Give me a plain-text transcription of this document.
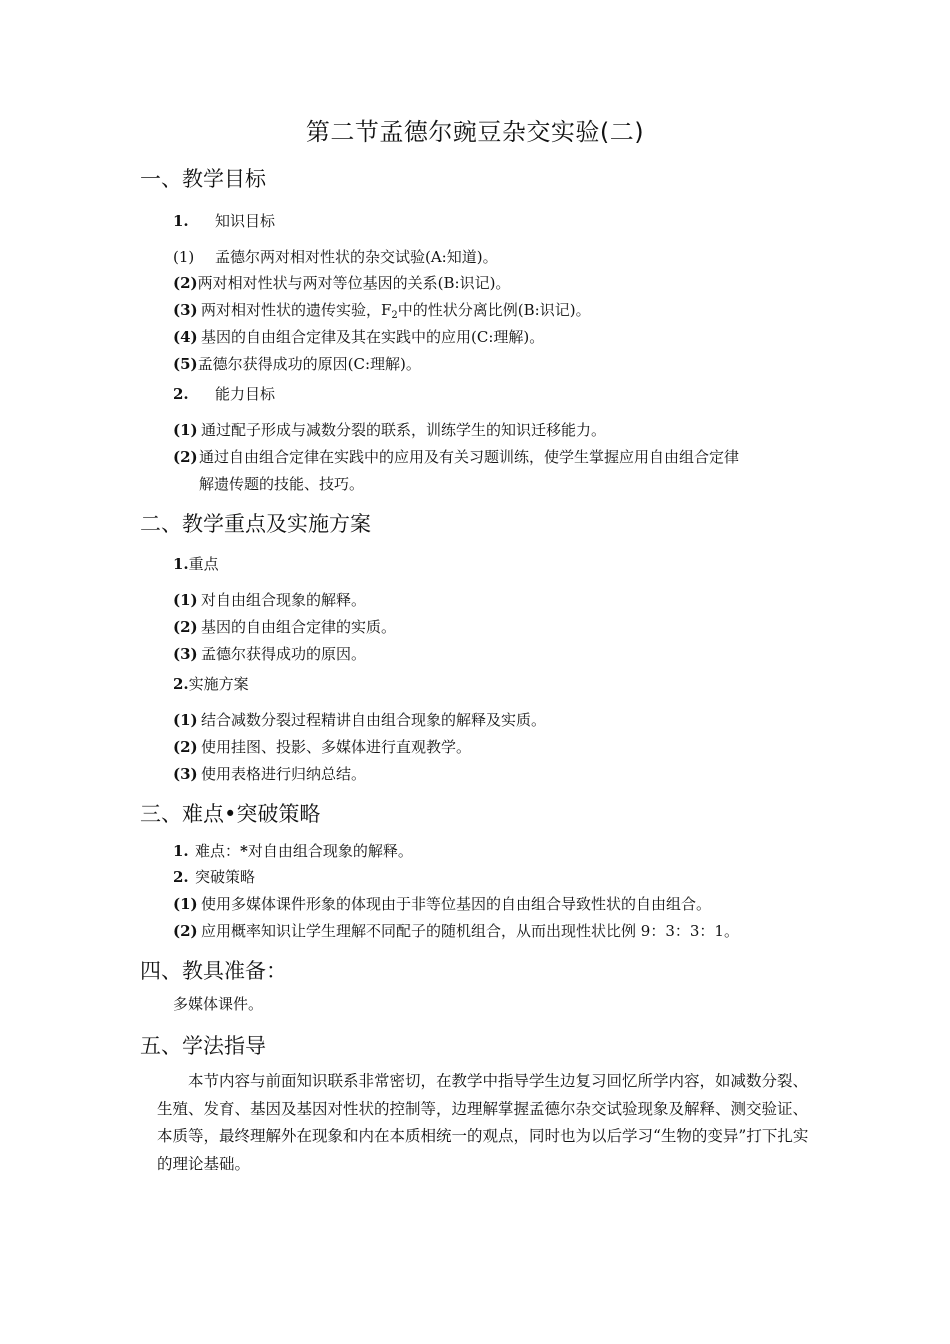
第二节孟德尔豌豆杂交实验(二)
一、教学目标
1. 知识目标
(1) 孟德尔两对相对性状的杂交试验(A:知道)。
(2)两对相对性状与两对等位基因的关系(B:识记)。
(3) 两对相对性状的遗传实验，$F_2$中的性状分离比例(B:识记)。
(4) 基因的自由组合定律及其在实践中的应用(C:理解)。
(5)孟德尔获得成功的原因(C:理解)。
2. 能力目标
(1) 通过配子形成与减数分裂的联系，训练学生的知识迁移能力。
(2)通过自由组合定律在实践中的应用及有关习题训练，使学生掌握应用自由组合定律
解遗传题的技能、技巧。
二、教学重点及实施方案
1.重点
(1) 对自由组合现象的解释。
(2) 基因的自由组合定律的实质。
(3) 孟德尔获得成功的原因。
2.实施方案
(1) 结合减数分裂过程精讲自由组合现象的解释及实质。
(2) 使用挂图、投影、多媒体进行直观教学。
(3) 使用表格进行归纳总结。
三、难点•突破策略
1. 难点：*对自由组合现象的解释。
2. 突破策略
(1) 使用多媒体课件形象的体现由于非等位基因的自由组合导致性状的自由组合。
(2) 应用概率知识让学生理解不同配子的随机组合，从而出现性状比例 9：3：3：1。
四、教具准备：
多媒体课件。
五、学法指导
本节内容与前面知识联系非常密切，在教学中指导学生边复习回忆所学内容，如减数分裂、生殖、发育、基因及基因对性状的控制等，边理解掌握孟德尔杂交试验现象及解释、测交验证、本质等，最终理解外在现象和内在本质相统一的观点，同时也为以后学习“生物的变异”打下扎实的理论基础。
